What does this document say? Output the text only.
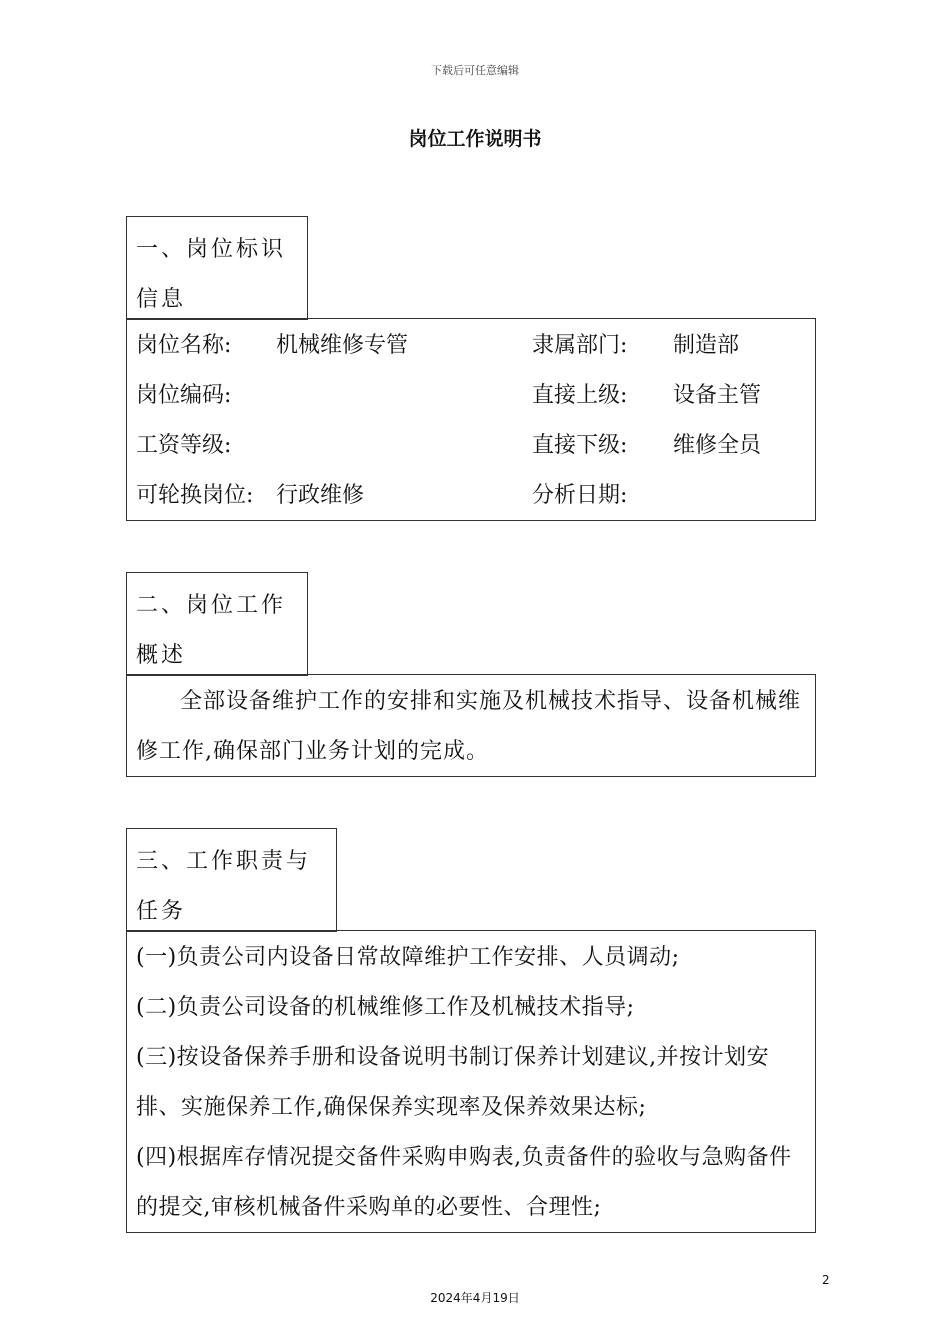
下载后可任意编辑
岗位工作说明书
一、岗位标识
信息
岗位名称: 机械维修专管	隶属部门: 制造部
岗位编码:	直接上级: 设备主管
工资等级:	直接下级: 维修全员
可轮换岗位: 行政维修	分析日期:
二、岗位工作
概述
全部设备维护工作的安排和实施及机械技术指导、设备机械维修工作,确保部门业务计划的完成。
三、工作职责与
任务
(一)负责公司内设备日常故障维护工作安排、人员调动;
(二)负责公司设备的机械维修工作及机械技术指导;
(三)按设备保养手册和设备说明书制订保养计划建议,并按计划安排、实施保养工作,确保保养实现率及保养效果达标;
(四)根据库存情况提交备件采购申购表,负责备件的验收与急购备件的提交,审核机械备件采购单的必要性、合理性;
2
2024年4月19日
